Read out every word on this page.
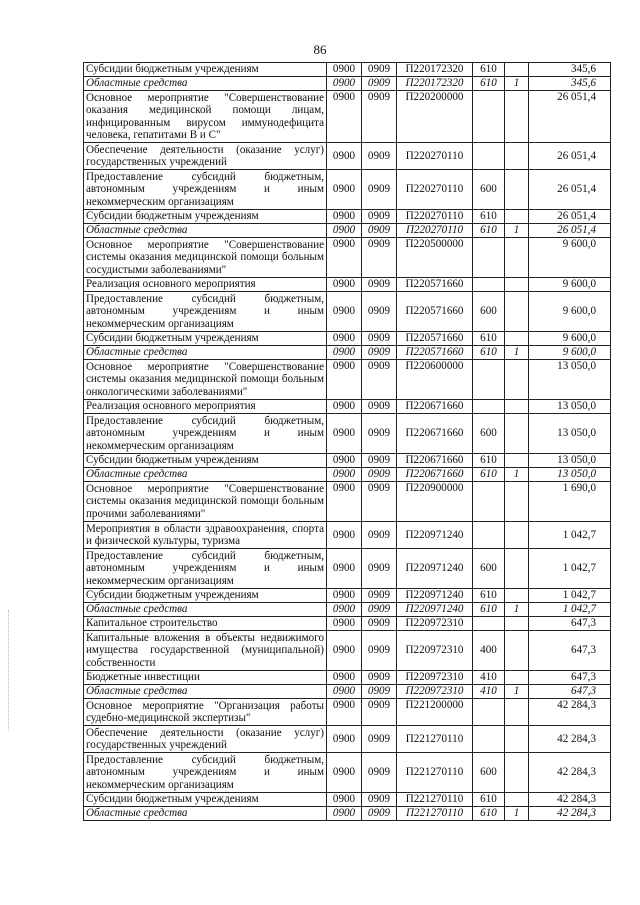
86
Субсидии бюджетным учреждениям	0900	0909	П220172320	610		345,6
Областные средства	0900	0909	П220172320	610	1	345,6
Основное мероприятие "Совершенствование оказания медицинской помощи лицам, инфицированным вирусом иммунодефицита человека, гепатитами В и С"	0900	0909	П220200000			26 051,4
Обеспечение деятельности (оказание услуг) государственных учреждений	0900	0909	П220270110			26 051,4
Предоставление субсидий бюджетным, автономным учреждениям и иным некоммерческим организациям	0900	0909	П220270110	600		26 051,4
Субсидии бюджетным учреждениям	0900	0909	П220270110	610		26 051,4
Областные средства	0900	0909	П220270110	610	1	26 051,4
Основное мероприятие "Совершенствование системы оказания медицинской помощи больным сосудистыми заболеваниями"	0900	0909	П220500000			9 600,0
Реализация основного мероприятия	0900	0909	П220571660			9 600,0
Предоставление субсидий бюджетным, автономным учреждениям и иным некоммерческим организациям	0900	0909	П220571660	600		9 600,0
Субсидии бюджетным учреждениям	0900	0909	П220571660	610		9 600,0
Областные средства	0900	0909	П220571660	610	1	9 600,0
Основное мероприятие "Совершенствование системы оказания медицинской помощи больным онкологическими заболеваниями"	0900	0909	П220600000			13 050,0
Реализация основного мероприятия	0900	0909	П220671660			13 050,0
Предоставление субсидий бюджетным, автономным учреждениям и иным некоммерческим организациям	0900	0909	П220671660	600		13 050,0
Субсидии бюджетным учреждениям	0900	0909	П220671660	610		13 050,0
Областные средства	0900	0909	П220671660	610	1	13 050,0
Основное мероприятие "Совершенствование системы оказания медицинской помощи больным прочими заболеваниями"	0900	0909	П220900000			1 690,0
Мероприятия в области здравоохранения, спорта и физической культуры, туризма	0900	0909	П220971240			1 042,7
Предоставление субсидий бюджетным, автономным учреждениям и иным некоммерческим организациям	0900	0909	П220971240	600		1 042,7
Субсидии бюджетным учреждениям	0900	0909	П220971240	610		1 042,7
Областные средства	0900	0909	П220971240	610	1	1 042,7
Капитальное строительство	0900	0909	П220972310			647,3
Капитальные вложения в объекты недвижимого имущества государственной (муниципальной) собственности	0900	0909	П220972310	400		647,3
Бюджетные инвестиции	0900	0909	П220972310	410		647,3
Областные средства	0900	0909	П220972310	410	1	647,3
Основное мероприятие "Организация работы судебно-медицинской экспертизы"	0900	0909	П221200000			42 284,3
Обеспечение деятельности (оказание услуг) государственных учреждений	0900	0909	П221270110			42 284,3
Предоставление субсидий бюджетным, автономным учреждениям и иным некоммерческим организациям	0900	0909	П221270110	600		42 284,3
Субсидии бюджетным учреждениям	0900	0909	П221270110	610		42 284,3
Областные средства	0900	0909	П221270110	610	1	42 284,3
